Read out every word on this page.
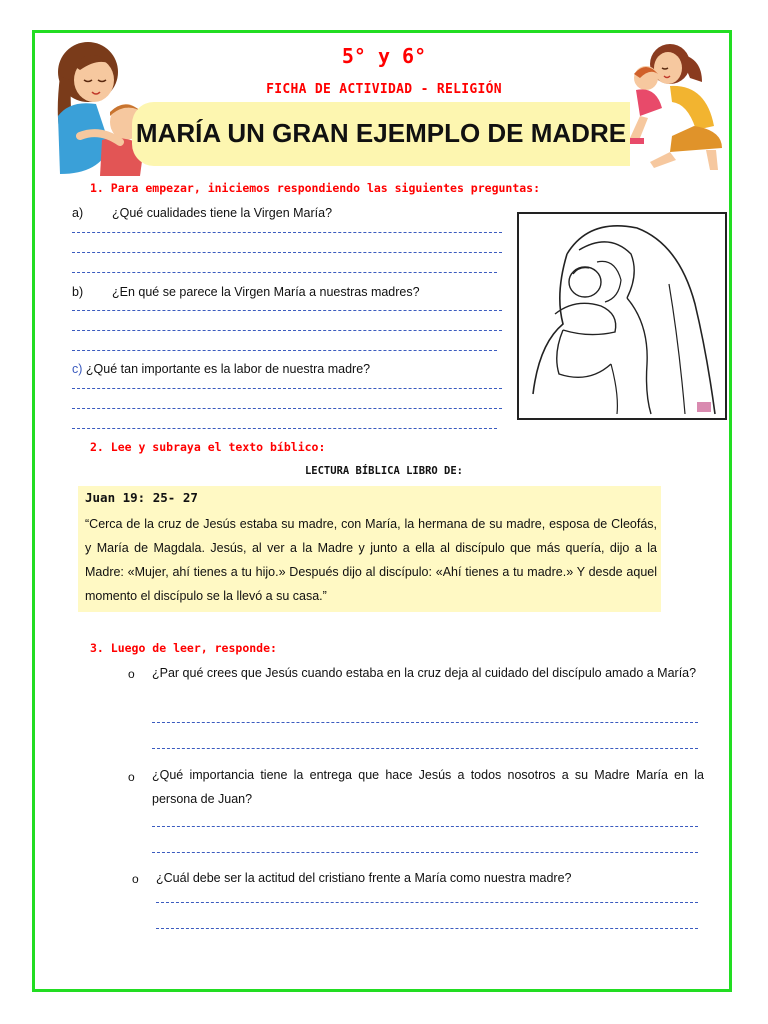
5° y 6°
FICHA DE ACTIVIDAD - RELIGIÓN
MARÍA UN GRAN EJEMPLO DE MADRE
1. Para empezar, iniciemos respondiendo las siguientes preguntas:
a) ¿Qué cualidades tiene la Virgen María?
b) ¿En qué se parece la Virgen María a nuestras madres?
c) ¿Qué tan importante es la labor de nuestra madre?
2. Lee y subraya el texto bíblico:
LECTURA BÍBLICA LIBRO DE:
Juan 19: 25- 27
“Cerca de la cruz de Jesús estaba su madre, con María, la hermana de su madre, esposa de Cleofás, y María de Magdala. Jesús, al ver a la Madre y junto a ella al discípulo que más quería, dijo a la Madre: «Mujer, ahí tienes a tu hijo.» Después dijo al discípulo: «Ahí tienes a tu madre.» Y desde aquel momento el discípulo se la llevó a su casa.”
3. Luego de leer, responde:
o ¿Par qué crees que Jesús cuando estaba en la cruz deja al cuidado del discípulo amado a María?
o ¿Qué importancia tiene la entrega que hace Jesús a todos nosotros a su Madre María en la persona de Juan?
o ¿Cuál debe ser la actitud del cristiano frente a María como nuestra madre?
